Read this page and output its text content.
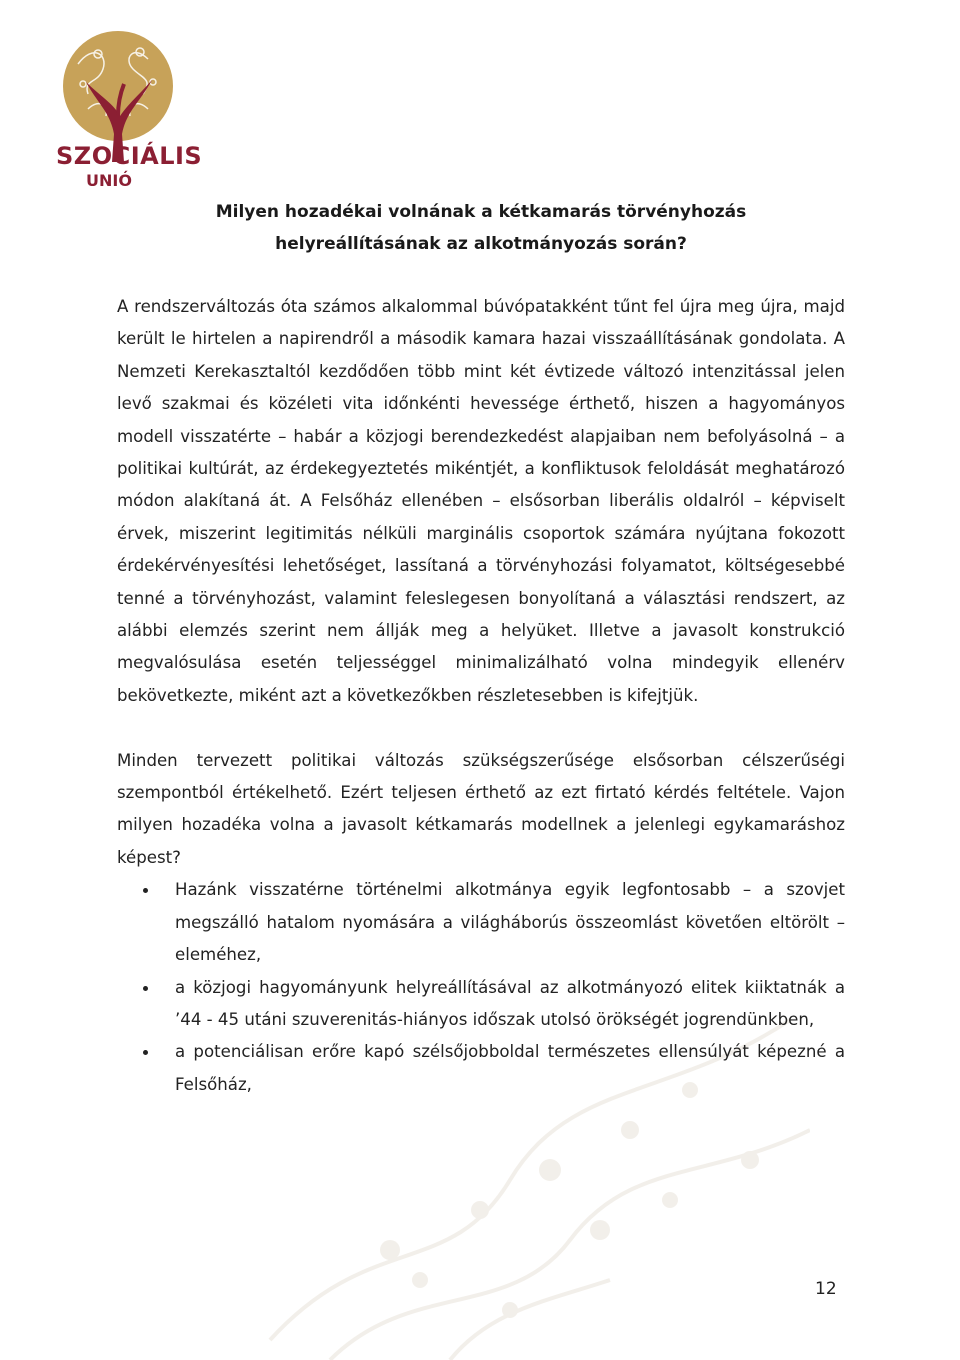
SZOCIÁLIS
UNIÓ
Milyen hozadékai volnának a kétkamarás törvényhozás
helyreállításának az alkotmányozás során?

A rendszerváltozás óta számos alkalommal búvópatakként tűnt fel újra meg újra, majd került le hirtelen a napirendről a második kamara hazai visszaállításának gondolata. A Nemzeti Kerekasztaltól kezdődően több mint két évtizede változó intenzitással jelen levő szakmai és közéleti vita időnkénti hevessége érthető, hiszen a hagyományos modell visszatérte – habár a közjogi berendezkedést alapjaiban nem befolyásolná – a politikai kultúrát, az érdekegyeztetés mikéntjét, a konfliktusok feloldását meghatározó módon alakítaná át. A Felsőház ellenében – elsősorban liberális oldalról – képviselt érvek, miszerint legitimitás nélküli marginális csoportok számára nyújtana fokozott érdekérvényesítési lehetőséget, lassítaná a törvényhozási folyamatot, költségesebbé tenné a törvényhozást, valamint feleslegesen bonyolítaná a választási rendszert, az alábbi elemzés szerint nem állják meg a helyüket. Illetve a javasolt konstrukció megvalósulása esetén teljességgel minimalizálható volna mindegyik ellenérv bekövetkezte, miként azt a következőkben részletesebben is kifejtjük.

Minden tervezett politikai változás szükségszerűsége elsősorban célszerűségi szempontból értékelhető. Ezért teljesen érthető az ezt firtató kérdés feltétele. Vajon milyen hozadéka volna a javasolt kétkamarás modellnek a jelenlegi egykamaráshoz képest?

Hazánk visszatérne történelmi alkotmánya egyik legfontosabb – a szovjet megszálló hatalom nyomására a világháborús összeomlást követően eltörölt – eleméhez,
a közjogi hagyományunk helyreállításával az alkotmányozó elitek kiiktatnák a ’44 - 45 utáni szuverenitás-hiányos időszak utolsó örökségét jogrendünkben,
a potenciálisan erőre kapó szélsőjobboldal természetes ellensúlyát képezné a Felsőház,
12
